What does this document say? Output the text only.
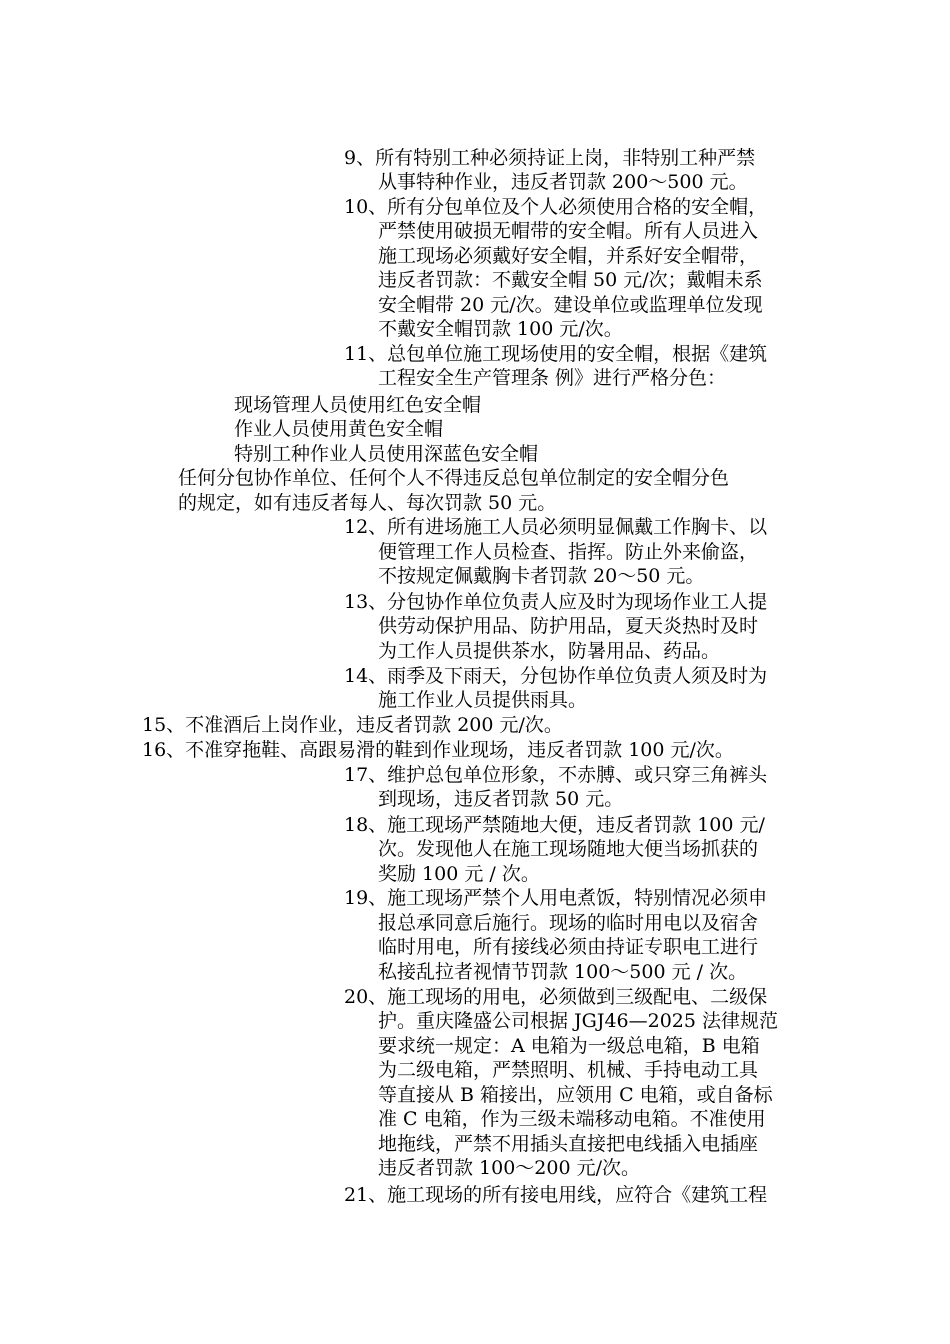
9、所有特别工种必须持证上岗，非特别工种严禁

从事特种作业，违反者罚款 200～500 元。

10、所有分包单位及个人必须使用合格的安全帽，

严禁使用破损无帽带的安全帽。所有人员进入

施工现场必须戴好安全帽，并系好安全帽带，

违反者罚款：不戴安全帽 50 元/次；戴帽未系

安全帽带 20 元/次。建设单位或监理单位发现

不戴安全帽罚款 100 元/次。

11、总包单位施工现场使用的安全帽，根据《建筑

工程安全生产管理条 例》进行严格分色：

现场管理人员使用红色安全帽

作业人员使用黄色安全帽

特别工种作业人员使用深蓝色安全帽

任何分包协作单位、任何个人不得违反总包单位制定的安全帽分色

的规定，如有违反者每人、每次罚款 50 元。

12、所有进场施工人员必须明显佩戴工作胸卡、以

便管理工作人员检查、指挥。防止外来偷盗，

不按规定佩戴胸卡者罚款 20～50 元。

13、分包协作单位负责人应及时为现场作业工人提

供劳动保护用品、防护用品，夏天炎热时及时

为工作人员提供茶水，防暑用品、药品。

14、雨季及下雨天，分包协作单位负责人须及时为

施工作业人员提供雨具。

15、不准酒后上岗作业，违反者罚款 200 元/次。

16、不准穿拖鞋、高跟易滑的鞋到作业现场，违反者罚款 100 元/次。

17、维护总包单位形象，不赤膊、或只穿三角裤头

到现场，违反者罚款 50 元。

18、施工现场严禁随地大便，违反者罚款 100 元/

次。发现他人在施工现场随地大便当场抓获的

奖励 100 元 / 次。

19、施工现场严禁个人用电煮饭，特别情况必须申

报总承同意后施行。现场的临时用电以及宿舍

临时用电，所有接线必须由持证专职电工进行

私接乱拉者视情节罚款 100～500 元 / 次。

20、施工现场的用电，必须做到三级配电、二级保

护。重庆隆盛公司根据 JGJ46—2025 法律规范

要求统一规定：A 电箱为一级总电箱，B 电箱

为二级电箱，严禁照明、机械、手持电动工具

等直接从 B 箱接出，应领用 C 电箱，或自备标

准 C 电箱，作为三级未端移动电箱。不准使用

地拖线，严禁不用插头直接把电线插入电插座

违反者罚款 100～200 元/次。

21、施工现场的所有接电用线，应符合《建筑工程
